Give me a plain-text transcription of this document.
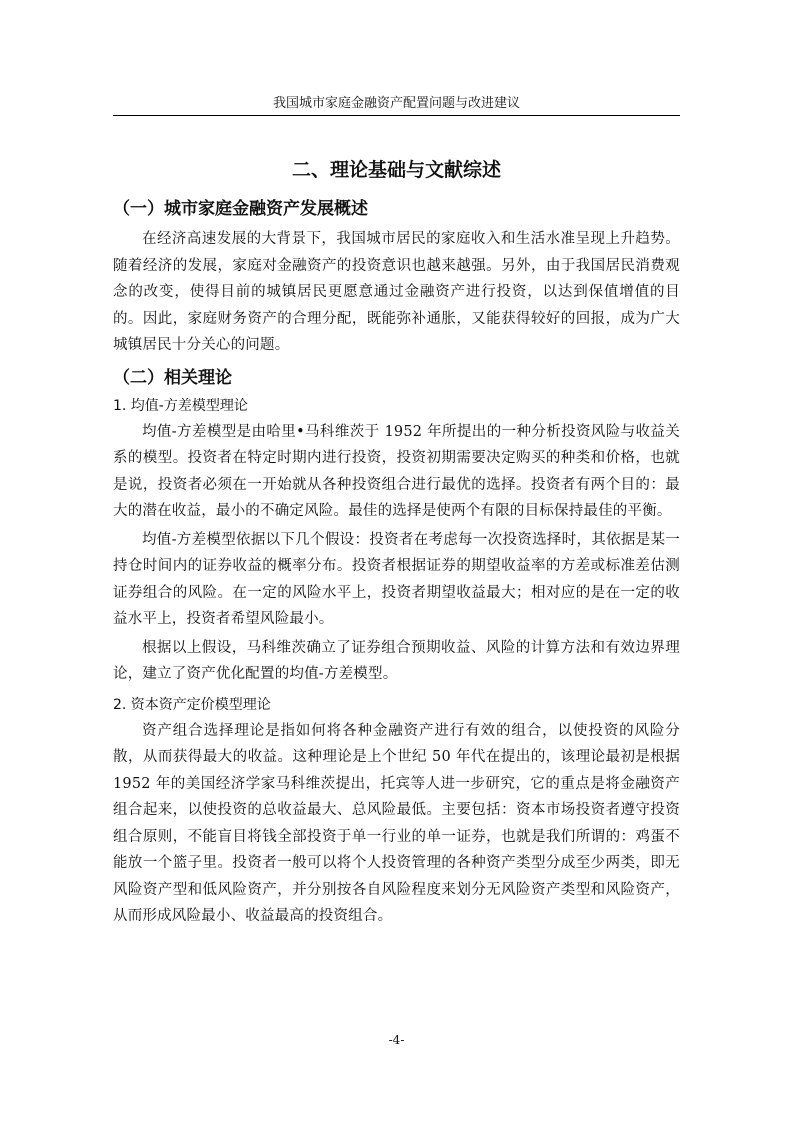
我国城市家庭金融资产配置问题与改进建议
二、理论基础与文献综述
（一）城市家庭金融资产发展概述

在经济高速发展的大背景下，我国城市居民的家庭收入和生活水准呈现上升趋势。随着经济的发展，家庭对金融资产的投资意识也越来越强。另外，由于我国居民消费观念的改变，使得目前的城镇居民更愿意通过金融资产进行投资，以达到保值增值的目的。因此，家庭财务资产的合理分配，既能弥补通胀，又能获得较好的回报，成为广大城镇居民十分关心的问题。

（二）相关理论
1. 均值-方差模型理论

均值-方差模型是由哈里•马科维茨于 1952 年所提出的一种分析投资风险与收益关系的模型。投资者在特定时期内进行投资，投资初期需要决定购买的种类和价格，也就是说，投资者必须在一开始就从各种投资组合进行最优的选择。投资者有两个目的：最大的潜在收益，最小的不确定风险。最佳的选择是使两个有限的目标保持最佳的平衡。

均值-方差模型依据以下几个假设：投资者在考虑每一次投资选择时，其依据是某一持仓时间内的证券收益的概率分布。投资者根据证券的期望收益率的方差或标准差估测证券组合的风险。在一定的风险水平上，投资者期望收益最大；相对应的是在一定的收益水平上，投资者希望风险最小。

根据以上假设，马科维茨确立了证券组合预期收益、风险的计算方法和有效边界理论，建立了资产优化配置的均值-方差模型。

2. 资本资产定价模型理论

资产组合选择理论是指如何将各种金融资产进行有效的组合，以使投资的风险分散，从而获得最大的收益。这种理论是上个世纪 50 年代在提出的，该理论最初是根据 1952 年的美国经济学家马科维茨提出，托宾等人进一步研究，它的重点是将金融资产组合起来，以使投资的总收益最大、总风险最低。主要包括：资本市场投资者遵守投资组合原则，不能盲目将钱全部投资于单一行业的单一证券，也就是我们所谓的：鸡蛋不能放一个篮子里。投资者一般可以将个人投资管理的各种资产类型分成至少两类，即无风险资产型和低风险资产，并分别按各自风险程度来划分无风险资产类型和风险资产，从而形成风险最小、收益最高的投资组合。

-4-
